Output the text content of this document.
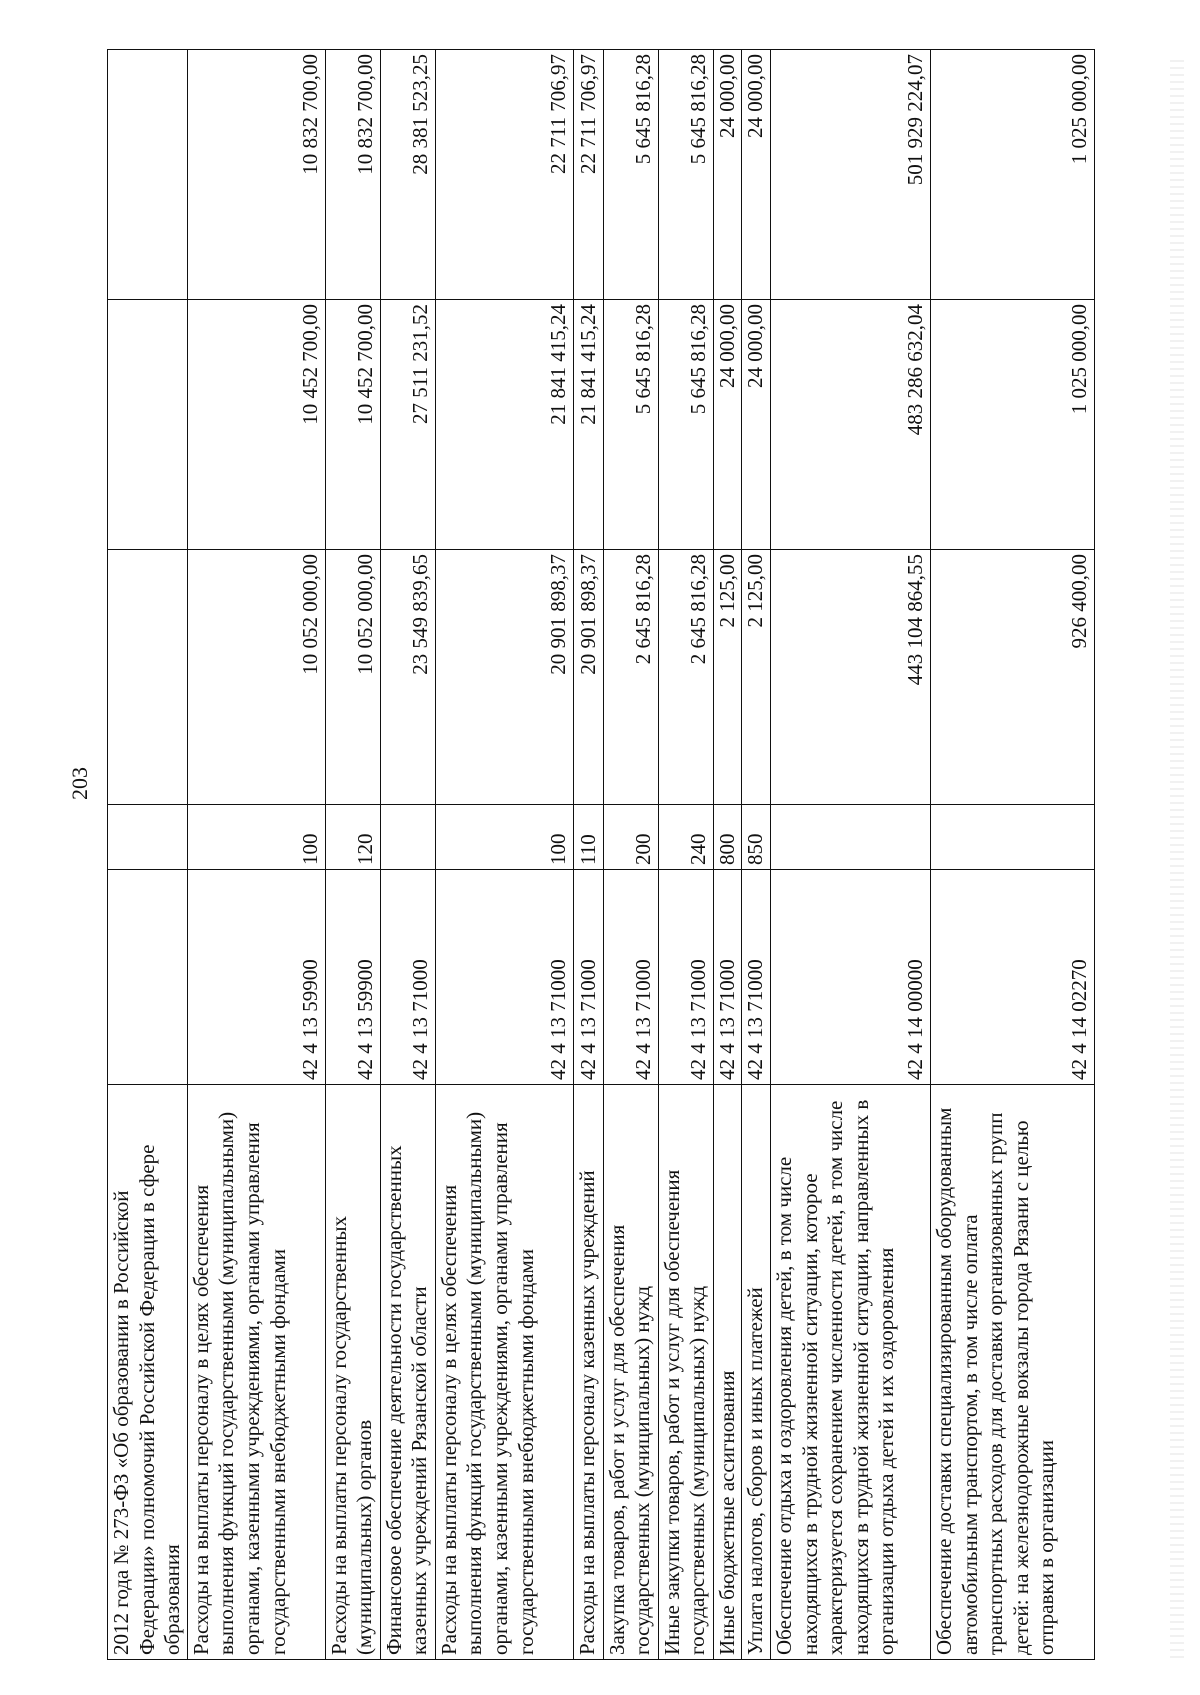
203
2012 года № 273-ФЗ «Об образовании в Российской Федерации» полномочий Российской Федерации в сфере образования					
Расходы на выплаты персоналу в целях обеспечения выполнения функций государственными (муниципальными) органами, казенными учреждениями, органами управления государственными внебюджетными фондами	42 4 13 59900	100	10 052 000,00	10 452 700,00	10 832 700,00
Расходы на выплаты персоналу государственных (муниципальных) органов	42 4 13 59900	120	10 052 000,00	10 452 700,00	10 832 700,00
Финансовое обеспечение деятельности государственных казенных учреждений Рязанской области	42 4 13 71000		23 549 839,65	27 511 231,52	28 381 523,25
Расходы на выплаты персоналу в целях обеспечения выполнения функций государственными (муниципальными) органами, казенными учреждениями, органами управления государственными внебюджетными фондами	42 4 13 71000	100	20 901 898,37	21 841 415,24	22 711 706,97
Расходы на выплаты персоналу казенных учреждений	42 4 13 71000	110	20 901 898,37	21 841 415,24	22 711 706,97
Закупка товаров, работ и услуг для обеспечения государственных (муниципальных) нужд	42 4 13 71000	200	2 645 816,28	5 645 816,28	5 645 816,28
Иные закупки товаров, работ и услуг для обеспечения государственных (муниципальных) нужд	42 4 13 71000	240	2 645 816,28	5 645 816,28	5 645 816,28
Иные бюджетные ассигнования	42 4 13 71000	800	2 125,00	24 000,00	24 000,00
Уплата налогов, сборов и иных платежей	42 4 13 71000	850	2 125,00	24 000,00	24 000,00
Обеспечение отдыха и оздоровления детей, в том числе находящихся в трудной жизненной ситуации, которое характеризуется сохранением численности детей, в том числе находящихся в трудной жизненной ситуации, направленных в организации отдыха детей и их оздоровления	42 4 14 00000		443 104 864,55	483 286 632,04	501 929 224,07
Обеспечение доставки специализированным оборудованным автомобильным транспортом, в том числе оплата транспортных расходов для доставки организованных групп детей: на железнодорожные вокзалы города Рязани с целью отправки в организации	42 4 14 02270		926 400,00	1 025 000,00	1 025 000,00
